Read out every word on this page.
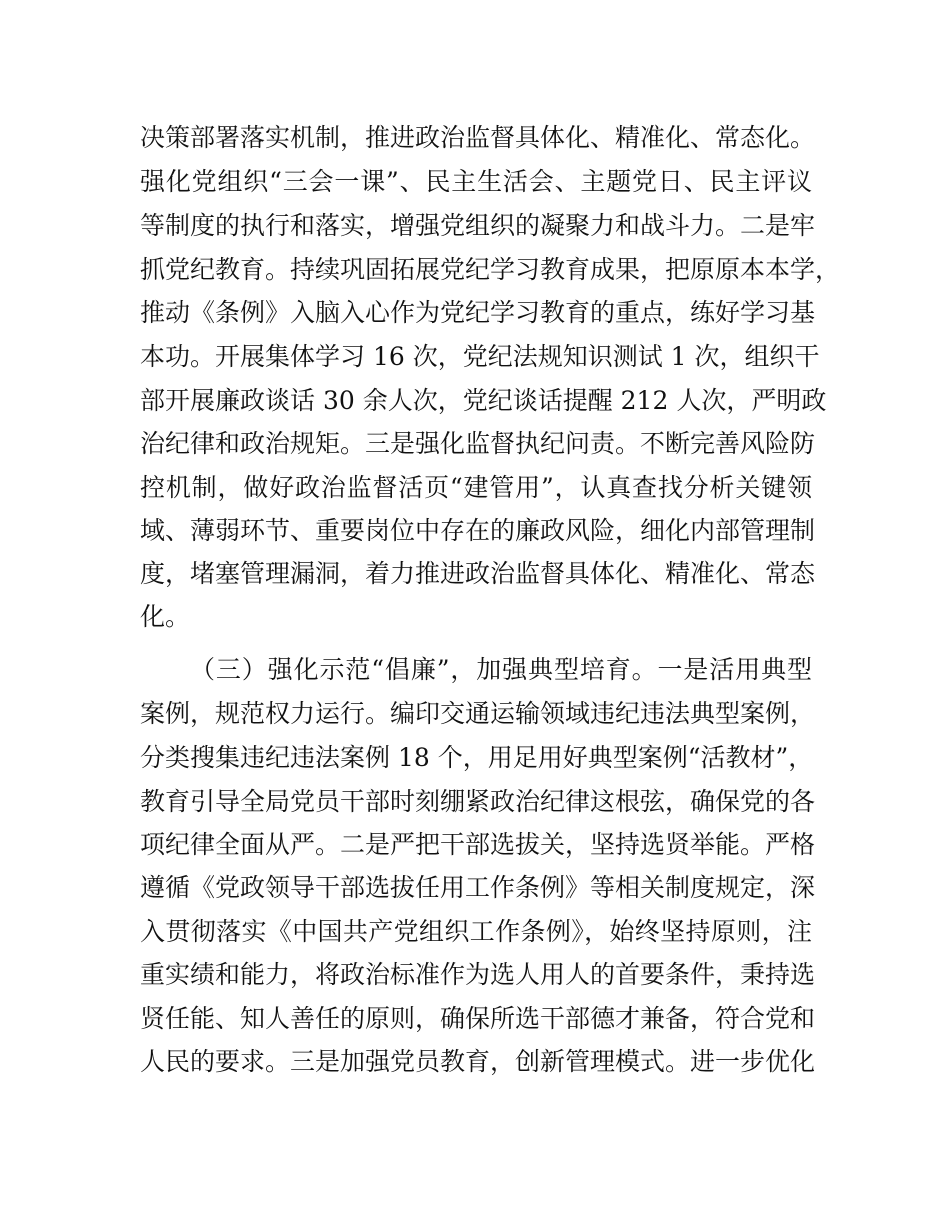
决策部署落实机制，推进政治监督具体化、精准化、常态化。
强化党组织“三会一课”、民主生活会、主题党日、民主评议
等制度的执行和落实，增强党组织的凝聚力和战斗力。二是牢
抓党纪教育。持续巩固拓展党纪学习教育成果，把原原本本学，
推动《条例》入脑入心作为党纪学习教育的重点，练好学习基
本功。开展集体学习 16 次，党纪法规知识测试 1 次，组织干
部开展廉政谈话 30 余人次，党纪谈话提醒 212 人次，严明政
治纪律和政治规矩。三是强化监督执纪问责。不断完善风险防
控机制，做好政治监督活页“建管用”，认真查找分析关键领
域、薄弱环节、重要岗位中存在的廉政风险，细化内部管理制
度，堵塞管理漏洞，着力推进政治监督具体化、精准化、常态
化。
（三）强化示范“倡廉”，加强典型培育。一是活用典型
案例，规范权力运行。编印交通运输领域违纪违法典型案例，
分类搜集违纪违法案例 18 个，用足用好典型案例“活教材”，
教育引导全局党员干部时刻绷紧政治纪律这根弦，确保党的各
项纪律全面从严。二是严把干部选拔关，坚持选贤举能。严格
遵循《党政领导干部选拔任用工作条例》等相关制度规定，深
入贯彻落实《中国共产党组织工作条例》，始终坚持原则，注
重实绩和能力，将政治标准作为选人用人的首要条件，秉持选
贤任能、知人善任的原则，确保所选干部德才兼备，符合党和
人民的要求。三是加强党员教育，创新管理模式。进一步优化
